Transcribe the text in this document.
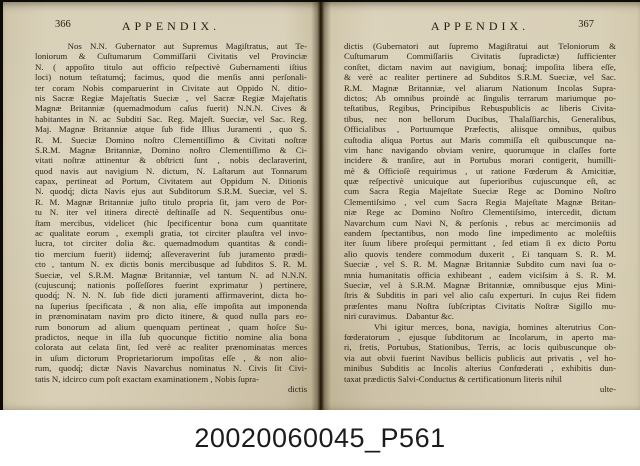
366	APPENDIX.
Nos N.N. Gubernator aut Supremus Magiſtratus, aut Te-
loniorum & Cuſtumarum Commiſſarii Civitatis vel Provinciæ
N. ( appoſito titulo aut officio reſpectivè Gubernamenti iſtius
loci) notum teſtatumq́; facimus, quod die menſis anni perſonali-
ter coram Nobis comparuerint in Civitate aut Oppido N. ditio-
nis Sacræ Regiæ Majeſtatis Sueciæ , vel Sacræ Regiæ Majeſtatis
Magnæ Britanniæ (quemadmodum caſus fuerit) N.N.N. Cives &
habitantes in N. ac Subditi Sac. Reg. Majeſt. Sueciæ, vel Sac. Reg.
Maj. Magnæ Britanniæ atque ſub fide Illius Juramenti , quo S.
R. M. Sueciæ Domino noſtro Clementiſſimo & Civitati noſtræ
S.R.M. Magnæ Britanniæ, Domino noſtro Clementiſſimo & Ci-
vitati noſtræ attinentur & obſtricti ſunt , nobis declaraverint,
quod navis aut navigium N. dictum, N. Laſtarum aut Tonnarum
capax, pertineat ad Portum, Civitatem aut Oppidum N. Ditionis
N. quodq́; dicta Navis ejus aut Subditorum S.R.M. Sueciæ, vel S.
R. M. Magnæ Britanniæ juſto titulo propria ſit, jam vero de Por-
tu N. iter vel itinera directè deſtinaſſe ad N. Sequentibus onu-
ſtam mercibus, videlicet (hic ſpecificentur bona cum quantitate
ac qualitate eorum , exempli gratia, tot circiter plauſtra vel invo-
lucra, tot circiter dolia &c. quemadmodum quantitas & condi-
tio mercium fuerit) iidemq́; aſſeveraverint ſub juramento prædi-
cto , tantum N. ex dictis bonis mercibusque ad ſubditos S. R. M.
Sueciæ, vel S.R.M. Magnæ Britanniæ, vel tantum N. ad N.N.N.
(cujuscunq́; nationis poſſeſſores fuerint exprimatur ) pertinere,
quodq́; N. N. N. ſub fide dicti juramenti affirmaverint, dicta bo-
na ſuperius ſpecificata , & non alia, eſſe impoſita aut imponenda
in prænominatam navim pro dicto itinere, & quod nulla pars eo-
rum bonorum ad alium quenquam pertineat , quam hoſce Su-
pradictos, neque in illa ſub quocunque fictitio nomine alia bona
colorata aut celata ſint, ſed verè ac realiter prænominatas merces
in uſum dictorum Proprietariorum impoſitas eſſe , & non alio-
rum, quodq́; dictæ Navis Navarchus nominatus N. Civis ſit Civi-
tatis N, idcirco cum poſt exactam examinationem , Nobis ſupra-
dictis
367
APPENDIX.
dictis (Gubernatori aut ſupremo Magiſtratui aut Teloniorum &
Cuſtumarum Commiſſariis Civitatis ſupradictæ) ſufficienter
conſtet, dictam navim aut navigium, bonaq́; impoſita libera eſſe,
& verè ac realiter pertinere ad Subditos S.R.M. Sueciæ, vel Sac.
R.M. Magnæ Britanniæ, vel aliarum Nationum Incolas Supra-
dictos; Ab omnibus proindè ac ſingulis terrarum mariumque po-
teſtatibus, Regibus, Principibus Rebuspublicis ac liberis Civita-
tibus, nec non bellorum Ducibus, Thalaſſiarchis, Generalibus,
Officialibus , Portuumque Præfectis, aliisque omnibus, quibus
cuſtodia aliqua Portus aut Maris commiſſa eſt quibuscunque na-
vim hanc navigando obviam venire, quorumque in claſſes forte
incidere & tranſire, aut in Portubus morari contigerit, humilli-
mè & Officioſè requirimus , ut ratione Fœderum & Amicitiæ,
quæ reſpectivè unicuique aut ſuperioribus cujuscunque eſt, ac
cum Sacra Regia Majeſtate Sueciæ Rege ac Domino Noſtro
Clementiſsimo , vel cum Sacra Regia Majeſtate Magnæ Britan-
niæ Rege ac Domino Noſtro Clementiſsimo, intercedit, dictum
Navarchum cum Navi N, & perſonis , rebus ac mercimoniis ad
eandem ſpectantibus, non modo ſine impedimento ac moleſtiis
iter ſuum libere proſequi permittant , ſed etiam ſi ex dicto Portu
alio quovis tendere commodum duxerit , Ei tanquam S. R. M.
Sueciæ , vel S. R. M. Magnæ Britanniæ Subdito cum navi ſua o-
mnia humanitatis officia exhibeant , eadem viciſsim à S. R. M.
Sueciæ, vel à S.R.M. Magnæ Britanniæ, omnibusque ejus Mini-
ſtris & Subditis in pari vel alio caſu experturi. In cujus Rei fidem
præſentes manu Noſtra ſubſcriptas Civitatis Noſtræ Sigillo mu-
niri curavimus.    Dabantur &c.
Vbi igitur merces, bona, navigia, homines alterutrius Con-
fœderatorum , ejusque ſubditorum ac Incolarum, in aperto ma-
ri, fretis, Portubus, Stationibus, Terris, ac locis quibuscunque ob-
via aut obvii fuerint Navibus bellicis publicis aut privatis , vel ho-
minibus Subditis ac Incolis alterius Confœderati , exhibitis dun-
taxat prædictis Salvi-Conductus & certificationum literis nihil
ulte-
20020060045_P561
